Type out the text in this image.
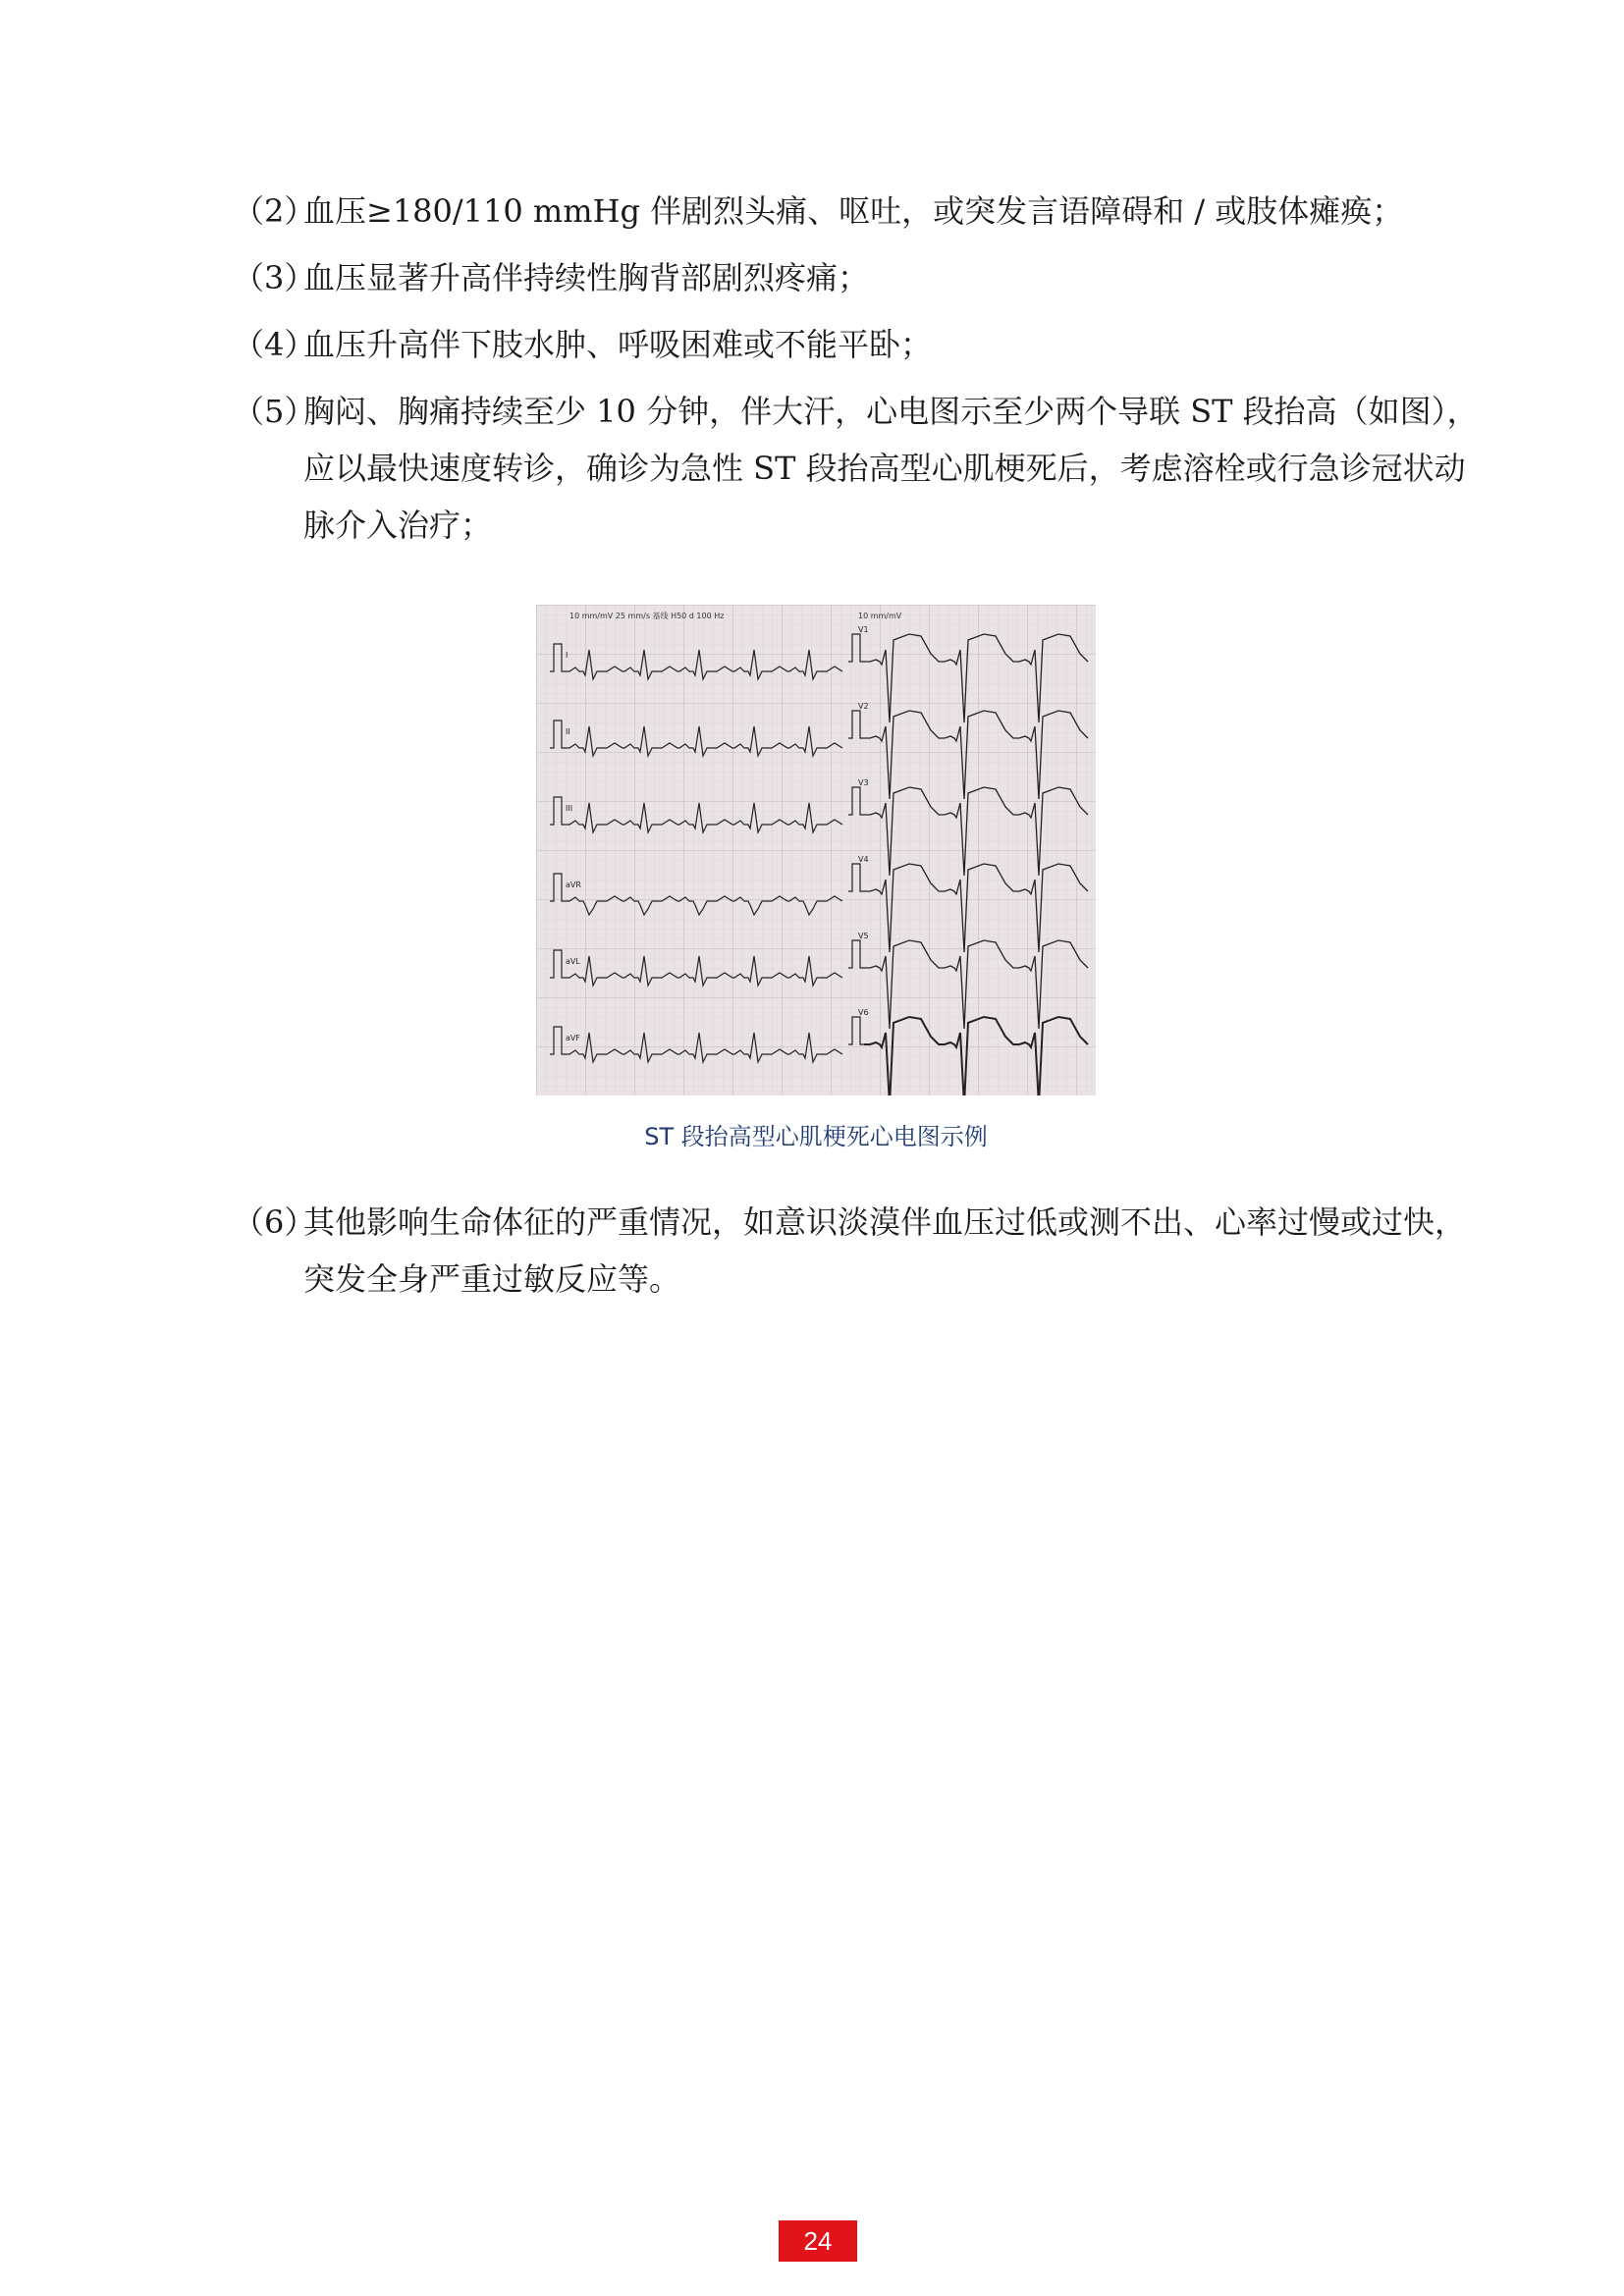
（2）
血压≥180/110 mmHg 伴剧烈头痛、呕吐，或突发言语障碍和 / 或肢体瘫痪；
（3）
血压显著升高伴持续性胸背部剧烈疼痛；
（4）
血压升高伴下肢水肿、呼吸困难或不能平卧；
（5）
胸闷、胸痛持续至少 10 分钟，伴大汗，心电图示至少两个导联 ST 段抬高（如图），应以最快速度转诊，确诊为急性 ST 段抬高型心肌梗死后，考虑溶栓或行急诊冠状动脉介入治疗；
10 mm/mV 25 mm/s 基线 H50 d 100 Hz	10 mm/mV
I
V1
II
V2
III
V3
aVR
V4
aVL
V5
aVF
V6
ST 段抬高型心肌梗死心电图示例
（6）
其他影响生命体征的严重情况，如意识淡漠伴血压过低或测不出、心率过慢或过快，突发全身严重过敏反应等。
24
